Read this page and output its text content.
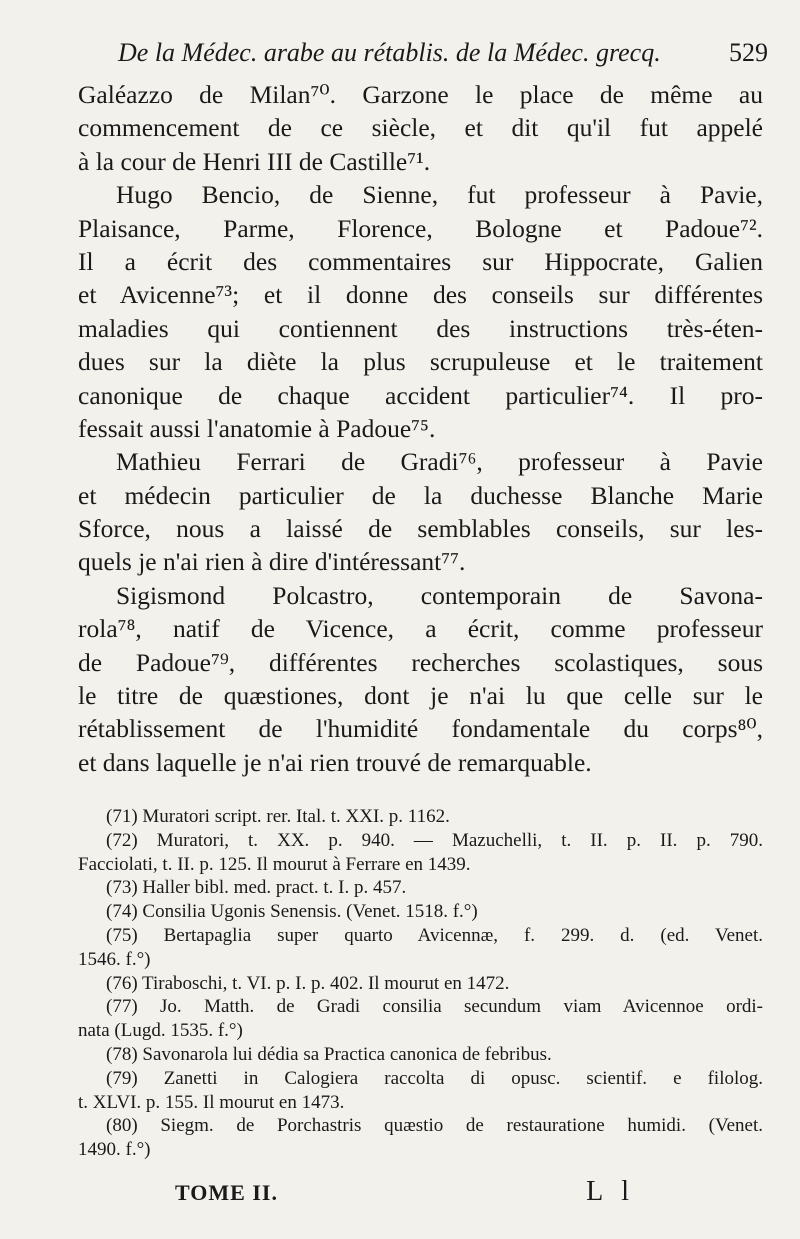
De la Médec. arabe au rétablis. de la Médec. grecq.	529
Galéazzo de Milan⁷⁰. Garzone le place de même au
commencement de ce siècle, et dit qu'il fut appelé
à la cour de Henri III de Castille⁷¹.
Hugo Bencio, de Sienne, fut professeur à Pavie,
Plaisance, Parme, Florence, Bologne et Padoue⁷².
Il a écrit des commentaires sur Hippocrate, Galien
et Avicenne⁷³; et il donne des conseils sur différentes
maladies qui contiennent des instructions très-éten-
dues sur la diète la plus scrupuleuse et le traitement
canonique de chaque accident particulier⁷⁴. Il pro-
fessait aussi l'anatomie à Padoue⁷⁵.
Mathieu Ferrari de Gradi⁷⁶, professeur à Pavie
et médecin particulier de la duchesse Blanche Marie
Sforce, nous a laissé de semblables conseils, sur les-
quels je n'ai rien à dire d'intéressant⁷⁷.
Sigismond Polcastro, contemporain de Savona-
rola⁷⁸, natif de Vicence, a écrit, comme professeur
de Padoue⁷⁹, différentes recherches scolastiques, sous
le titre de quæstiones, dont je n'ai lu que celle sur le
rétablissement de l'humidité fondamentale du corps⁸⁰,
et dans laquelle je n'ai rien trouvé de remarquable.
(71) Muratori script. rer. Ital. t. XXI. p. 1162.
(72) Muratori, t. XX. p. 940. — Mazuchelli, t. II. p. II. p. 790.
Facciolati, t. II. p. 125. Il mourut à Ferrare en 1439.
(73) Haller bibl. med. pract. t. I. p. 457.
(74) Consilia Ugonis Senensis. (Venet. 1518. f.°)
(75) Bertapaglia super quarto Avicennæ, f. 299. d. (ed. Venet.
1546. f.°)
(76) Tiraboschi, t. VI. p. I. p. 402. Il mourut en 1472.
(77) Jo. Matth. de Gradi consilia secundum viam Avicennoe ordi-
nata (Lugd. 1535. f.°)
(78) Savonarola lui dédia sa Practica canonica de febribus.
(79) Zanetti in Calogiera raccolta di opusc. scientif. e filolog.
t. XLVI. p. 155. Il mourut en 1473.
(80) Siegm. de Porchastris quæstio de restauratione humidi. (Venet.
1490. f.°)
TOME II.	L l
